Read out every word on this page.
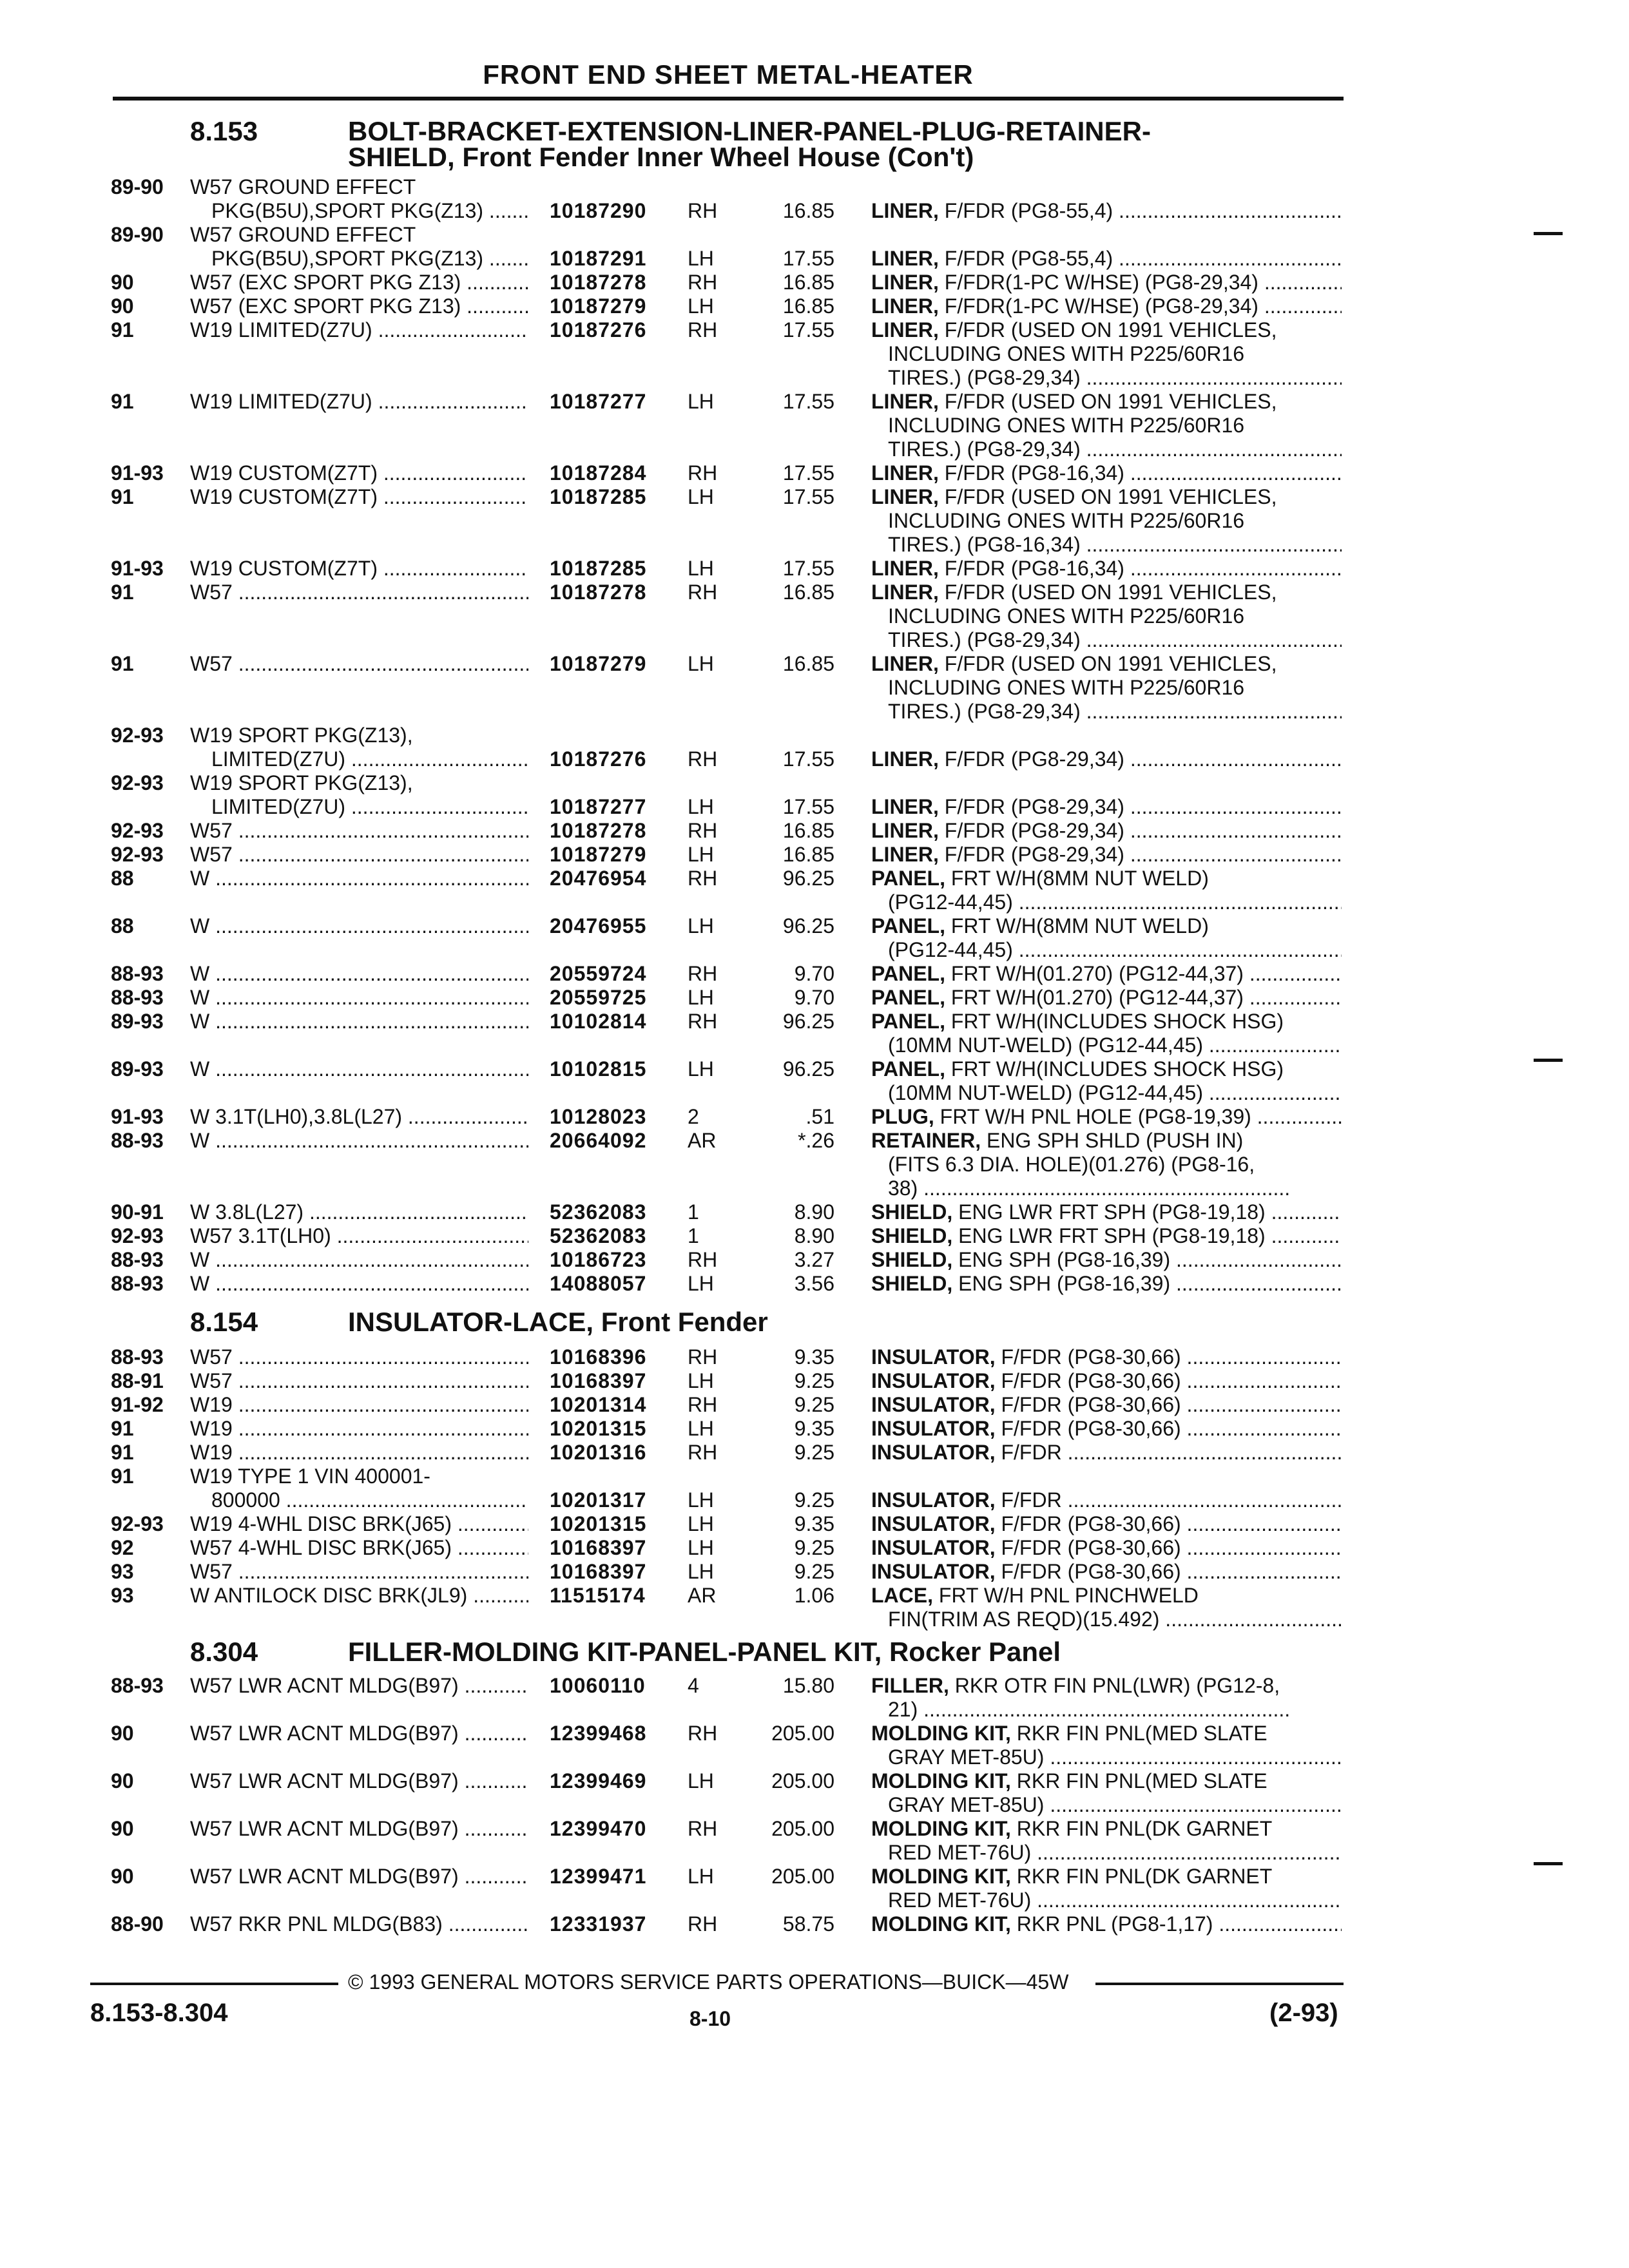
FRONT END SHEET METAL-HEATER
8.153	BOLT-BRACKET-EXTENSION-LINER-PANEL-PLUG-RETAINER-
SHIELD, Front Fender Inner Wheel House (Con't)
89-90 W57 GROUND EFFECT
PKG(B5U),SPORT PKG(Z13) .....	10187290 RH	16.85 LINER, F/FDR (PG8-55,4) .....
89-90 W57 GROUND EFFECT
PKG(B5U),SPORT PKG(Z13) .....	10187291 LH	17.55 LINER, F/FDR (PG8-55,4) .....
90	W57 (EXC SPORT PKG Z13) .....	10187278 RH	16.85 LINER, F/FDR(1-PC W/HSE) (PG8-29,34) .....
90	W57 (EXC SPORT PKG Z13) .....	10187279 LH	16.85 LINER, F/FDR(1-PC W/HSE) (PG8-29,34) .....
91	W19 LIMITED(Z7U) .....	10187276 RH	17.55 LINER, F/FDR (USED ON 1991 VEHICLES,
INCLUDING ONES WITH P225/60R16
TIRES.) (PG8-29,34) .....
91	W19 LIMITED(Z7U) .....	10187277 LH	17.55 LINER, F/FDR (USED ON 1991 VEHICLES,
INCLUDING ONES WITH P225/60R16
TIRES.) (PG8-29,34) .....
91-93 W19 CUSTOM(Z7T) .....	10187284 RH	17.55 LINER, F/FDR (PG8-16,34) .....
91	W19 CUSTOM(Z7T) .....	10187285 LH	17.55 LINER, F/FDR (USED ON 1991 VEHICLES,
INCLUDING ONES WITH P225/60R16
TIRES.) (PG8-16,34) .....
91-93 W19 CUSTOM(Z7T) .....	10187285 LH	17.55 LINER, F/FDR (PG8-16,34) .....
91	W57 .....	10187278 RH	16.85 LINER, F/FDR (USED ON 1991 VEHICLES,
INCLUDING ONES WITH P225/60R16
TIRES.) (PG8-29,34) .....
91	W57 .....	10187279 LH	16.85 LINER, F/FDR (USED ON 1991 VEHICLES,
INCLUDING ONES WITH P225/60R16
TIRES.) (PG8-29,34) .....
92-93 W19 SPORT PKG(Z13),
LIMITED(Z7U) .....	10187276 RH	17.55 LINER, F/FDR (PG8-29,34) .....
92-93 W19 SPORT PKG(Z13),
LIMITED(Z7U) .....	10187277 LH	17.55 LINER, F/FDR (PG8-29,34) .....
92-93 W57 .....	10187278 RH	16.85 LINER, F/FDR (PG8-29,34) .....
92-93 W57 .....	10187279 LH	16.85 LINER, F/FDR (PG8-29,34) .....
88	W .....	20476954 RH	96.25 PANEL, FRT W/H(8MM NUT WELD)
(PG12-44,45) .....
88	W .....	20476955 LH	96.25 PANEL, FRT W/H(8MM NUT WELD)
(PG12-44,45) .....
88-93 W .....	20559724 RH	9.70 PANEL, FRT W/H(01.270) (PG12-44,37) .....
88-93 W .....	20559725 LH	9.70 PANEL, FRT W/H(01.270) (PG12-44,37) .....
89-93 W .....	10102814 RH	96.25 PANEL, FRT W/H(INCLUDES SHOCK HSG)
(10MM NUT-WELD) (PG12-44,45) .....
89-93 W .....	10102815 LH	96.25 PANEL, FRT W/H(INCLUDES SHOCK HSG)
(10MM NUT-WELD) (PG12-44,45) .....
91-93 W 3.1T(LH0),3.8L(L27) .....	10128023 2	.51 PLUG, FRT W/H PNL HOLE (PG8-19,39) .....
88-93 W .....	20664092 AR	*.26 RETAINER, ENG SPH SHLD (PUSH IN)
(FITS 6.3 DIA. HOLE)(01.276) (PG8-16,
38) .....
90-91 W 3.8L(L27) .....	52362083 1	8.90 SHIELD, ENG LWR FRT SPH (PG8-19,18) .....
92-93 W57 3.1T(LH0) .....	52362083 1	8.90 SHIELD, ENG LWR FRT SPH (PG8-19,18) .....
88-93 W .....	10186723 RH	3.27 SHIELD, ENG SPH (PG8-16,39) .....
88-93 W .....	14088057 LH	3.56 SHIELD, ENG SPH (PG8-16,39) .....
8.154	INSULATOR-LACE, Front Fender
88-93 W57 .....	10168396 RH	9.35 INSULATOR, F/FDR (PG8-30,66) .....
88-91 W57 .....	10168397 LH	9.25 INSULATOR, F/FDR (PG8-30,66) .....
91-92 W19 .....	10201314 RH	9.25 INSULATOR, F/FDR (PG8-30,66) .....
91	W19 .....	10201315 LH	9.35 INSULATOR, F/FDR (PG8-30,66) .....
91	W19 .....	10201316 RH	9.25 INSULATOR, F/FDR .....
91	W19 TYPE 1 VIN 400001-
800000 .....	10201317 LH	9.25 INSULATOR, F/FDR .....
92-93 W19 4-WHL DISC BRK(J65) .....	10201315 LH	9.35 INSULATOR, F/FDR (PG8-30,66) .....
92	W57 4-WHL DISC BRK(J65) .....	10168397 LH	9.25 INSULATOR, F/FDR (PG8-30,66) .....
93	W57 .....	10168397 LH	9.25 INSULATOR, F/FDR (PG8-30,66) .....
93	W ANTILOCK DISC BRK(JL9) .....	11515174 AR	1.06 LACE, FRT W/H PNL PINCHWELD
FIN(TRIM AS REQD)(15.492) .....
8.304	FILLER-MOLDING KIT-PANEL-PANEL KIT, Rocker Panel
88-93 W57 LWR ACNT MLDG(B97) .....	10060110 4	15.80 FILLER, RKR OTR FIN PNL(LWR) (PG12-8,
21) .....
90	W57 LWR ACNT MLDG(B97) .....	12399468 RH	205.00 MOLDING KIT, RKR FIN PNL(MED SLATE
GRAY MET-85U) .....
90	W57 LWR ACNT MLDG(B97) .....	12399469 LH	205.00 MOLDING KIT, RKR FIN PNL(MED SLATE
GRAY MET-85U) .....
90	W57 LWR ACNT MLDG(B97) .....	12399470 RH	205.00 MOLDING KIT, RKR FIN PNL(DK GARNET
RED MET-76U) .....
90	W57 LWR ACNT MLDG(B97) .....	12399471 LH	205.00 MOLDING KIT, RKR FIN PNL(DK GARNET
RED MET-76U) .....
88-90 W57 RKR PNL MLDG(B83) .....	12331937 RH	58.75 MOLDING KIT, RKR PNL (PG8-1,17) .....
© 1993 GENERAL MOTORS SERVICE PARTS OPERATIONS—BUICK—45W
8.153-8.304	8-10	(2-93)
